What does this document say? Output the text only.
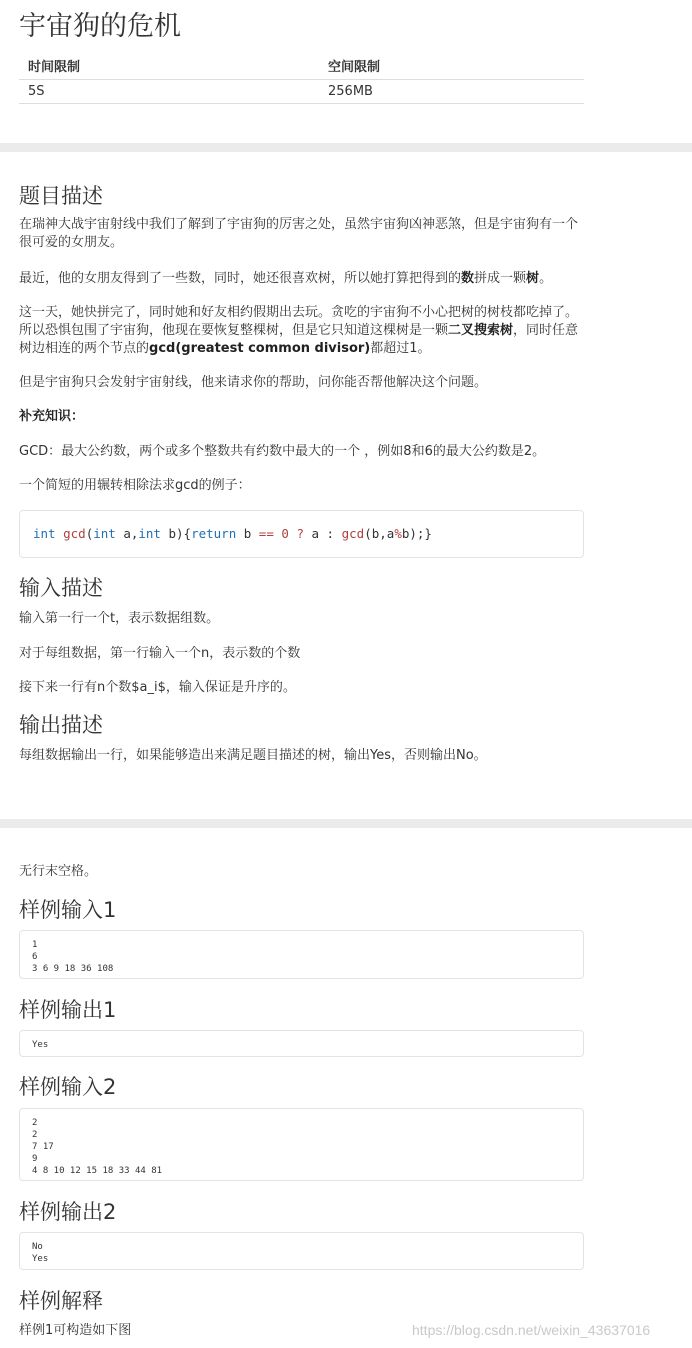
宇宙狗的危机
时间限制	空间限制
5S	256MB
题目描述

在瑞神大战宇宙射线中我们了解到了宇宙狗的厉害之处，虽然宇宙狗凶神恶煞，但是宇宙狗有一个很可爱的女朋友。

最近，他的女朋友得到了一些数，同时，她还很喜欢树，所以她打算把得到的数拼成一颗树。

这一天，她快拼完了，同时她和好友相约假期出去玩。贪吃的宇宙狗不小心把树的树枝都吃掉了。所以恐惧包围了宇宙狗，他现在要恢复整棵树，但是它只知道这棵树是一颗二叉搜索树，同时任意树边相连的两个节点的gcd(greatest common divisor)都超过1。

但是宇宙狗只会发射宇宙射线，他来请求你的帮助，问你能否帮他解决这个问题。

补充知识：

GCD：最大公约数，两个或多个整数共有约数中最大的一个 ，例如8和6的最大公约数是2。

一个简短的用辗转相除法求gcd的例子：

int gcd(int a,int b){return b == 0 ? a : gcd(b,a%b);}
输入描述

输入第一行一个t，表示数据组数。

对于每组数据，第一行输入一个n，表示数的个数

接下来一行有n个数$a_i$，输入保证是升序的。

输出描述

每组数据输出一行，如果能够造出来满足题目描述的树，输出Yes，否则输出No。

无行末空格。

样例输入1
1
6
3 6 9 18 36 108
样例输出1
Yes
样例输入2
2
2
7 17
9
4 8 10 12 15 18 33 44 81
样例输出2
No
Yes
样例解释

样例1可构造如下图	https://blog.csdn.net/weixin_43637016
